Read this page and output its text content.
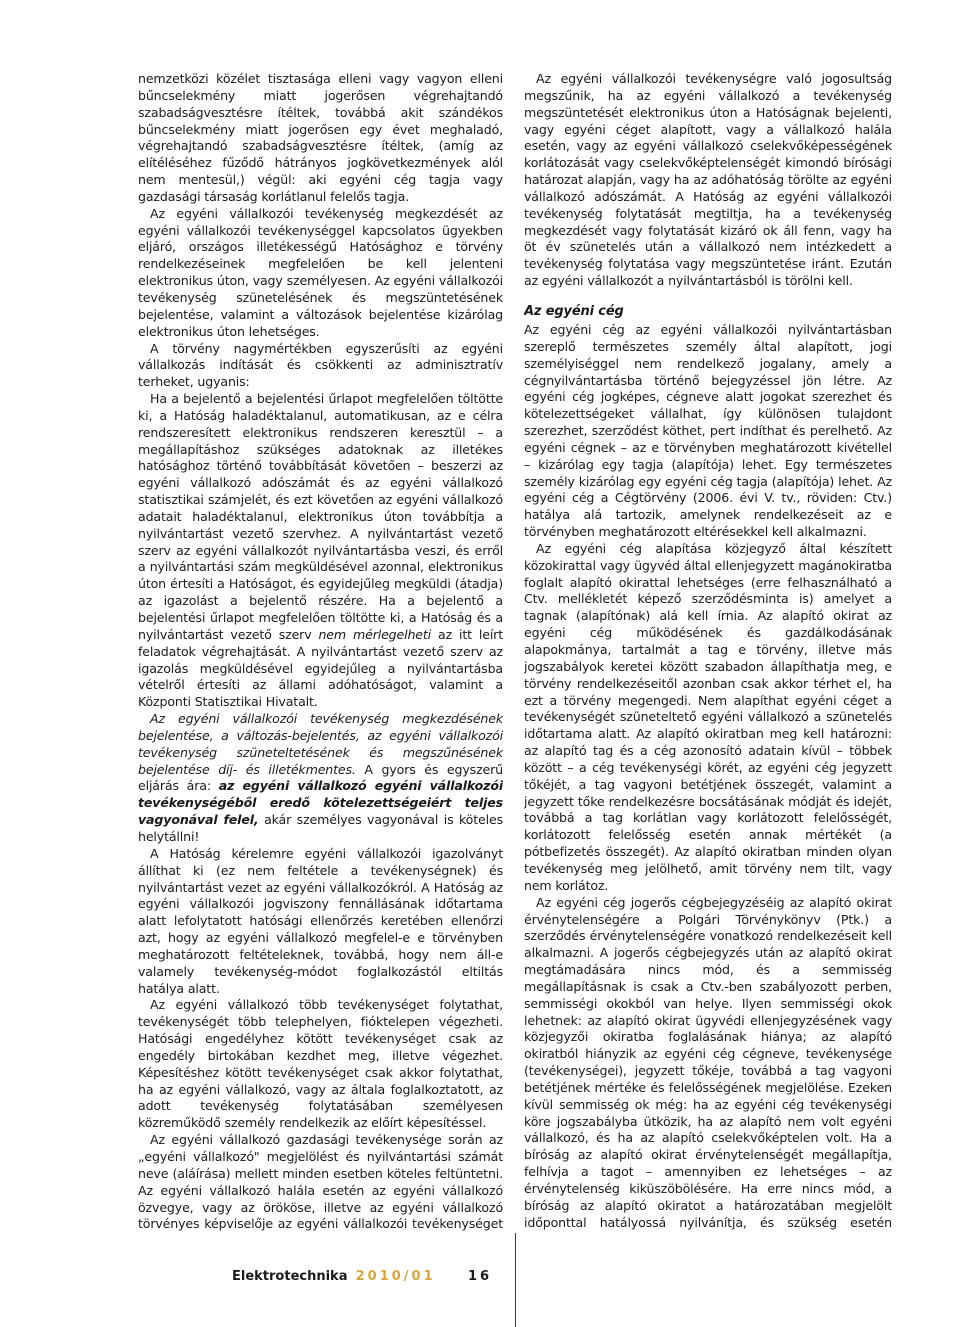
nemzetközi közélet tisztasága elleni vagy vagyon elleni bűncselekmény miatt jogerősen végrehajtandó szabadságvesztésre ítéltek, továbbá akit szándékos bűncselekmény miatt jogerősen egy évet meghaladó, végrehajtandó szabadságvesztésre ítéltek, (amíg az elítéléséhez fűződő hátrányos jogkövetkezmények alól nem mentesül,) végül: aki egyéni cég tagja vagy gazdasági társaság korlátlanul felelős tagja.

Az egyéni vállalkozói tevékenység megkezdését az egyéni vállalkozói tevékenységgel kapcsolatos ügyekben eljáró, országos illetékességű Hatósághoz e törvény rendelkezéseinek megfelelően be kell jelenteni elektronikus úton, vagy személyesen. Az egyéni vállalkozói tevékenység szünetelésének és megszüntetésének bejelentése, valamint a változások bejelentése kizárólag elektronikus úton lehetséges.

A törvény nagymértékben egyszerűsíti az egyéni vállalkozás indítását és csökkenti az adminisztratív terheket, ugyanis:

Ha a bejelentő a bejelentési űrlapot megfelelően töltötte ki, a Hatóság haladéktalanul, automatikusan, az e célra rendszeresített elektronikus rendszeren keresztül – a megállapításhoz szükséges adatoknak az illetékes hatósághoz történő továbbítását követően – beszerzi az egyéni vállalkozó adószámát és az egyéni vállalkozó statisztikai számjelét, és ezt követően az egyéni vállalkozó adatait haladéktalanul, elektronikus úton továbbítja a nyilvántartást vezető szervhez. A nyilvántartást vezető szerv az egyéni vállalkozót nyilvántartásba veszi, és erről a nyilvántartási szám megküldésével azonnal, elektronikus úton értesíti a Hatóságot, és egyidejűleg megküldi (átadja) az igazolást a bejelentő részére. Ha a bejelentő a bejelentési űrlapot megfelelően töltötte ki, a Hatóság és a nyilvántartást vezető szerv nem mérlegelheti az itt leírt feladatok végrehajtását. A nyilvántartást vezető szerv az igazolás megküldésével egyidejűleg a nyilvántartásba vételről értesíti az állami adóhatóságot, valamint a Központi Statisztikai Hivatalt.

Az egyéni vállalkozói tevékenység megkezdésének bejelentése, a változás-bejelentés, az egyéni vállalkozói tevékenység szüneteltetésének és megszűnésének bejelentése díj- és illetékmentes. A gyors és egyszerű eljárás ára: az egyéni vállalkozó egyéni vállalkozói tevékenységéből eredő kötelezettségeiért teljes vagyonával felel, akár személyes vagyonával is köteles helytállni!

A Hatóság kérelemre egyéni vállalkozói igazolványt állíthat ki (ez nem feltétele a tevékenységnek) és nyilvántartást vezet az egyéni vállalkozókról. A Hatóság az egyéni vállalkozói jogviszony fennállásának időtartama alatt lefolytatott hatósági ellenőrzés keretében ellenőrzi azt, hogy az egyéni vállalkozó megfelel-e e törvényben meghatározott feltételeknek, továbbá, hogy nem áll-e valamely tevékenység-módot foglalkozástól eltiltás hatálya alatt.

Az egyéni vállalkozó több tevékenységet folytathat, tevékenységét több telephelyen, fióktelepen végezheti. Hatósági engedélyhez kötött tevékenységet csak az engedély birtokában kezdhet meg, illetve végezhet. Képesítéshez kötött tevékenységet csak akkor folytathat, ha az egyéni vállalkozó, vagy az általa foglalkoztatott, az adott tevékenység folytatásában személyesen közreműködő személy rendelkezik az előírt képesítéssel.

Az egyéni vállalkozó gazdasági tevékenysége során az „egyéni vállalkozó" megjelölést és nyilvántartási számát neve (aláírása) mellett minden esetben köteles feltüntetni. Az egyéni vállalkozó halála esetén az egyéni vállalkozó özvegye, vagy az örököse, illetve az egyéni vállalkozó törvényes képviselője az egyéni vállalkozói tevékenységet

Az egyéni vállalkozói tevékenységre való jogosultság megszűnik, ha az egyéni vállalkozó a tevékenység megszüntetését elektronikus úton a Hatóságnak bejelenti, vagy egyéni céget alapított, vagy a vállalkozó halála esetén, vagy az egyéni vállalkozó cselekvőképességének korlátozását vagy cselekvőképtelenségét kimondó bírósági határozat alapján, vagy ha az adóhatóság törölte az egyéni vállalkozó adószámát. A Hatóság az egyéni vállalkozói tevékenység folytatását megtiltja, ha a tevékenység megkezdését vagy folytatását kizáró ok áll fenn, vagy ha öt év szünetelés után a vállalkozó nem intézkedett a tevékenység folytatása vagy megszüntetése iránt. Ezután az egyéni vállalkozót a nyilvántartásból is törölni kell.

Az egyéni cég

Az egyéni cég az egyéni vállalkozói nyilvántartásban szereplő természetes személy által alapított, jogi személyiséggel nem rendelkező jogalany, amely a cégnyilvántartásba történő bejegyzéssel jön létre. Az egyéni cég jogképes, cégneve alatt jogokat szerezhet és kötelezettségeket vállalhat, így különösen tulajdont szerezhet, szerződést köthet, pert indíthat és perelhető. Az egyéni cégnek – az e törvényben meghatározott kivétellel – kizárólag egy tagja (alapítója) lehet. Egy természetes személy kizárólag egy egyéni cég tagja (alapítója) lehet. Az egyéni cég a Cégtörvény (2006. évi V. tv., röviden: Ctv.) hatálya alá tartozik, amelynek rendelkezéseit az e törvényben meghatározott eltérésekkel kell alkalmazni.

Az egyéni cég alapítása közjegyző által készített közokirattal vagy ügyvéd által ellenjegyzett magánokiratba foglalt alapító okirattal lehetséges (erre felhasználható a Ctv. mellékletét képező szerződésminta is) amelyet a tagnak (alapítónak) alá kell írnia. Az alapító okirat az egyéni cég működésének és gazdálkodásának alapokmánya, tartalmát a tag e törvény, illetve más jogszabályok keretei között szabadon állapíthatja meg, e törvény rendelkezéseitől azonban csak akkor térhet el, ha ezt a törvény megengedi. Nem alapíthat egyéni céget a tevékenységét szüneteltető egyéni vállalkozó a szünetelés időtartama alatt. Az alapító okiratban meg kell határozni: az alapító tag és a cég azonosító adatain kívül – többek között – a cég tevékenységi körét, az egyéni cég jegyzett tőkéjét, a tag vagyoni betétjének összegét, valamint a jegyzett tőke rendelkezésre bocsátásának módját és idejét, továbbá a tag korlátlan vagy korlátozott felelősségét, korlátozott felelősség esetén annak mértékét (a pótbefizetés összegét). Az alapító okiratban minden olyan tevékenység meg jelölhető, amit törvény nem tilt, vagy nem korlátoz.

Az egyéni cég jogerős cégbejegyzéséig az alapító okirat érvénytelenségére a Polgári Törvénykönyv (Ptk.) a szerződés érvénytelenségére vonatkozó rendelkezéseit kell alkalmazni. A jogerős cégbejegyzés után az alapító okirat megtámadására nincs mód, és a semmisség megállapításnak is csak a Ctv.-ben szabályozott perben, semmisségi okokból van helye. Ilyen semmisségi okok lehetnek: az alapító okirat ügyvédi ellenjegyzésének vagy közjegyzői okiratba foglalásának hiánya; az alapító okiratból hiányzik az egyéni cég cégneve, tevékenysége (tevékenységei), jegyzett tőkéje, továbbá a tag vagyoni betétjének mértéke és felelősségének megjelölése. Ezeken kívül semmisség ok még: ha az egyéni cég tevékenységi köre jogszabályba ütközik, ha az alapító nem volt egyéni vállalkozó, és ha az alapító cselekvőképtelen volt. Ha a bíróság az alapító okirat érvénytelenségét megállapítja, felhívja a tagot – amennyiben ez lehetséges – az érvénytelenség kiküszöbölésére. Ha erre nincs mód, a bíróság az alapító okiratot a határozatában megjelölt időponttal hatályossá nyilvánítja, és szükség esetén

Elektrotechnika 2010/01 16
